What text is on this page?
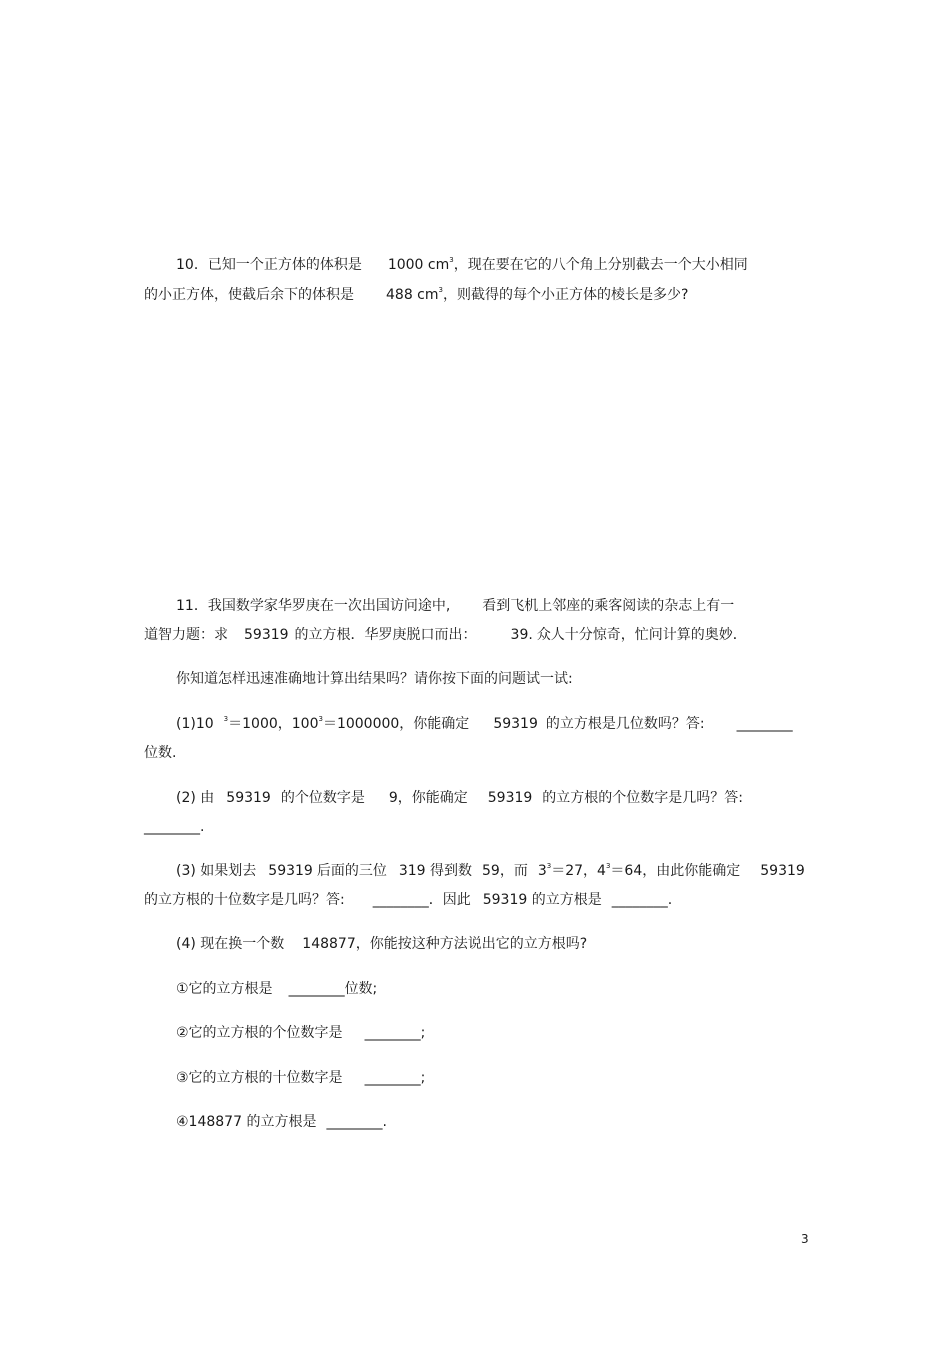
10．已知一个正方体的体积是 1000 $cm^3$，现在要在它的八个角上分别截去一个大小相同
的小正方体，使截后余下的体积是 488 $cm^3$，则截得的每个小正方体的棱长是多少?
11．我国数学家华罗庚在一次出国访问途中, 看到飞机上邻座的乘客阅读的杂志上有一
道智力题：求 59319 的立方根．华罗庚脱口而出： 39. 众人十分惊奇，忙问计算的奥妙．
你知道怎样迅速准确地计算出结果吗？请你按下面的问题试一试:
(1)10 $^3$＝1000，$100^3=1000000$，你能确定 59319 的立方根是几位数吗？答: ________
位数.
(2) 由 59319 的个位数字是 9，你能确定 59319 的立方根的个位数字是几吗？答:
________.
(3) 如果划去 59319 后面的三位 319 得到数 59，而 $3^3=27$，$4^3=64$，由此你能确定 59319
的立方根的十位数字是几吗？答: ________．因此 59319 的立方根是 ________.
(4) 现在换一个数 148877，你能按这种方法说出它的立方根吗?
①它的立方根是 ________位数;
②它的立方根的个位数字是 ________;
③它的立方根的十位数字是 ________;
④148877 的立方根是 ________.
3
